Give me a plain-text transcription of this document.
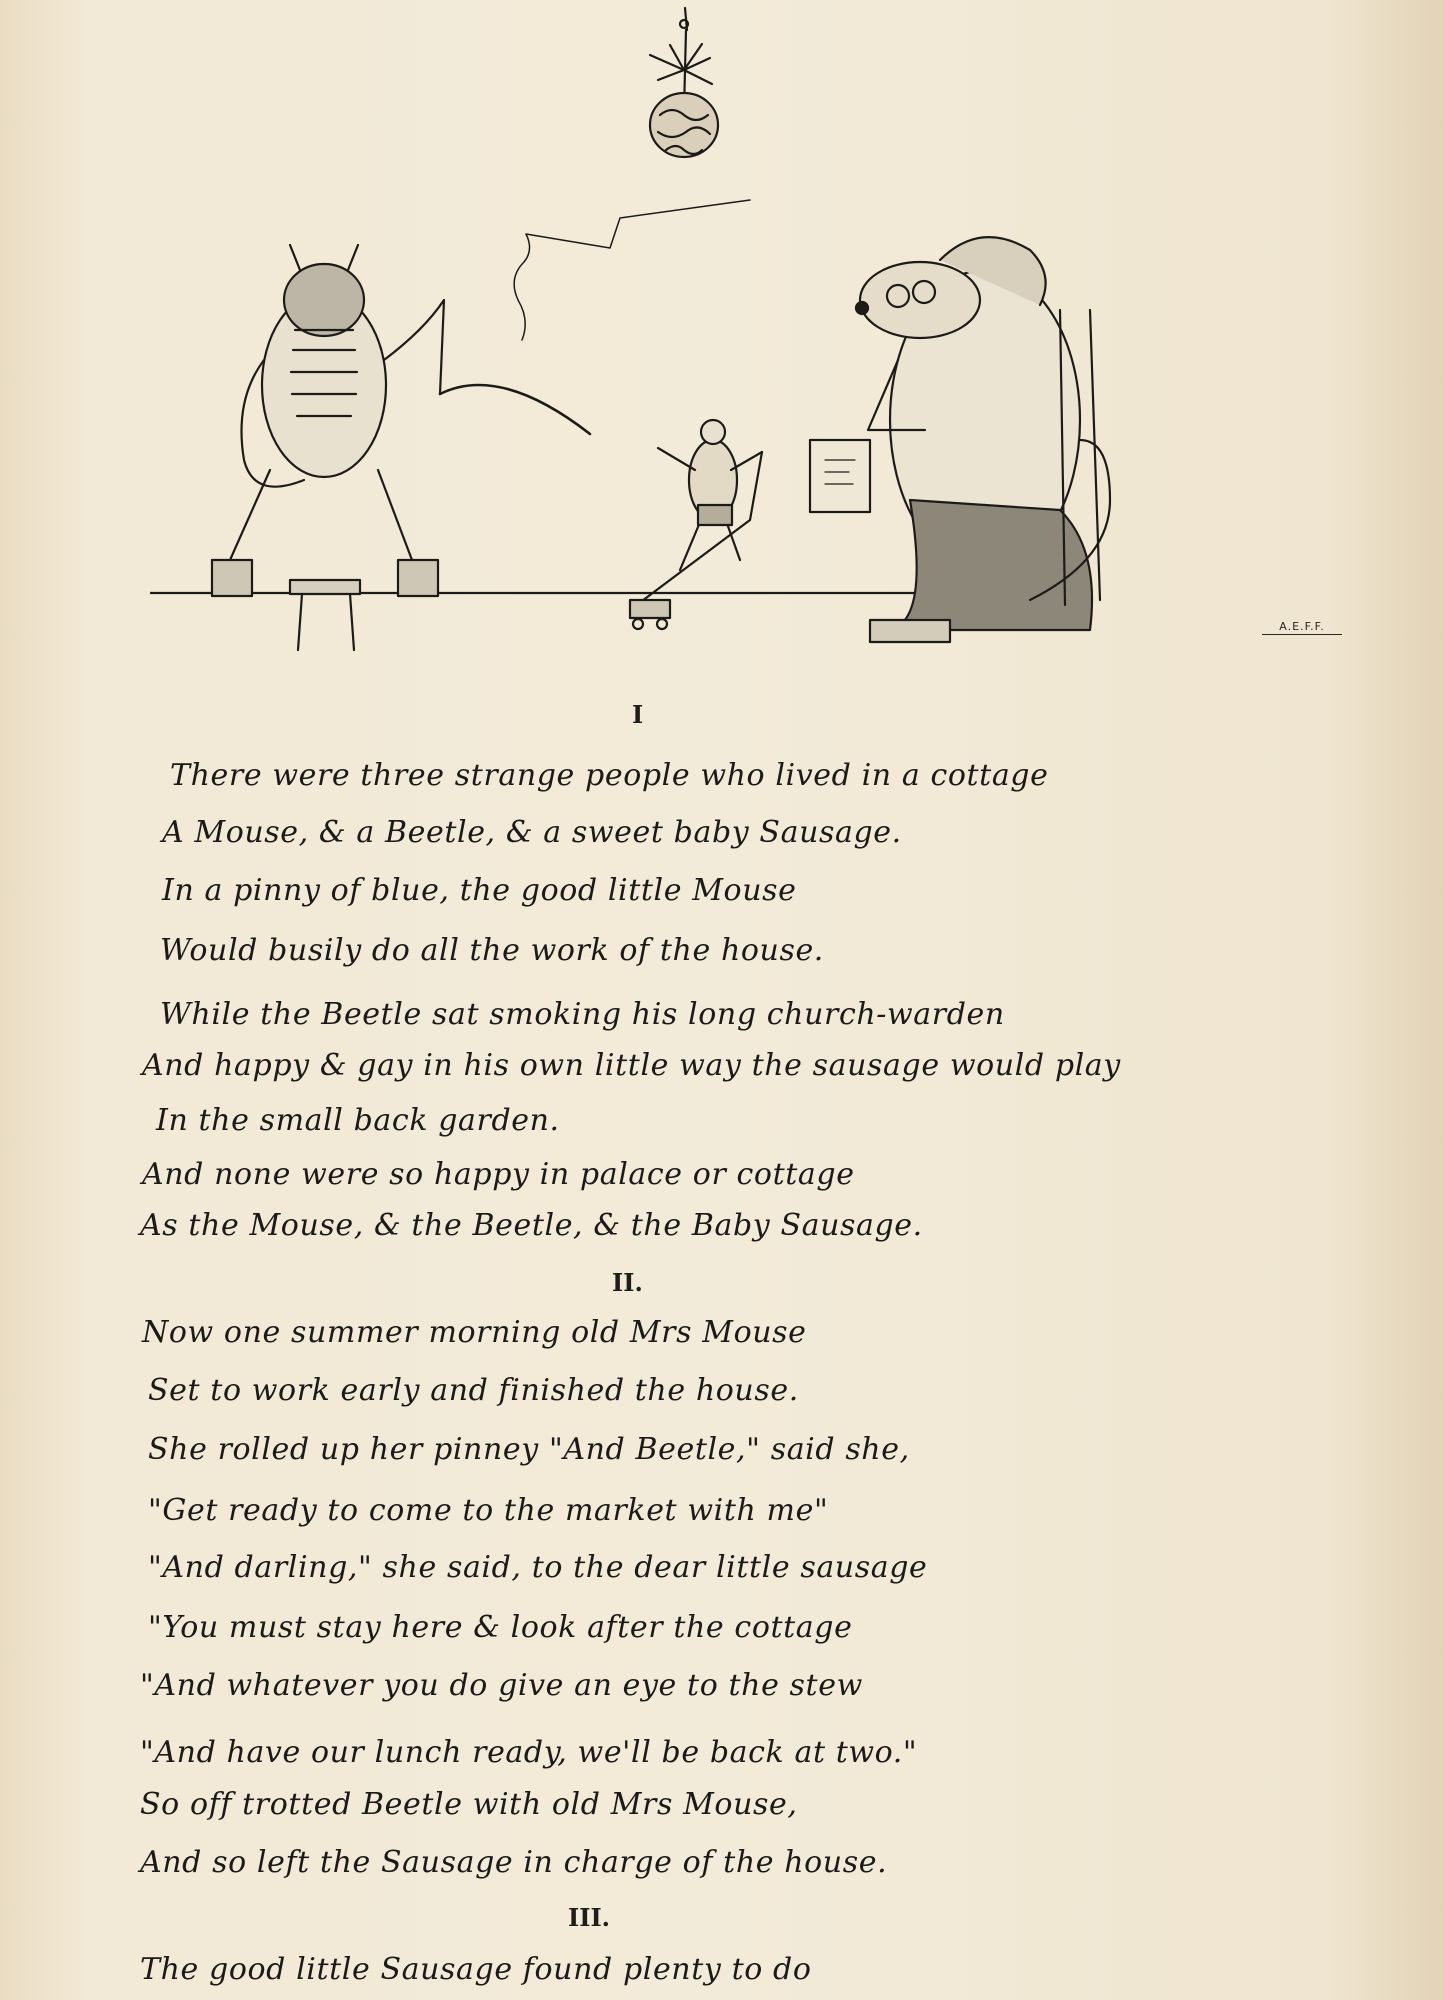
A.E.F.F.
I
There were three strange people who lived in a cottage
A Mouse, & a Beetle, & a sweet baby Sausage.
In a pinny of blue, the good little Mouse
Would busily do all the work of the house.
While the Beetle sat smoking his long church-warden
And happy & gay in his own little way the sausage would play
In the small back garden.
And none were so happy in palace or cottage
As the Mouse, & the Beetle, & the Baby Sausage.
II.
Now one summer morning old Mrs Mouse
Set to work early and finished the house.
She rolled up her pinney "And Beetle," said she,
"Get ready to come to the market with me"
"And darling," she said, to the dear little sausage
"You must stay here & look after the cottage
"And whatever you do give an eye to the stew
"And have our lunch ready, we'll be back at two."
So off trotted Beetle with old Mrs Mouse,
And so left the Sausage in charge of the house.
III.
The good little Sausage found plenty to do
